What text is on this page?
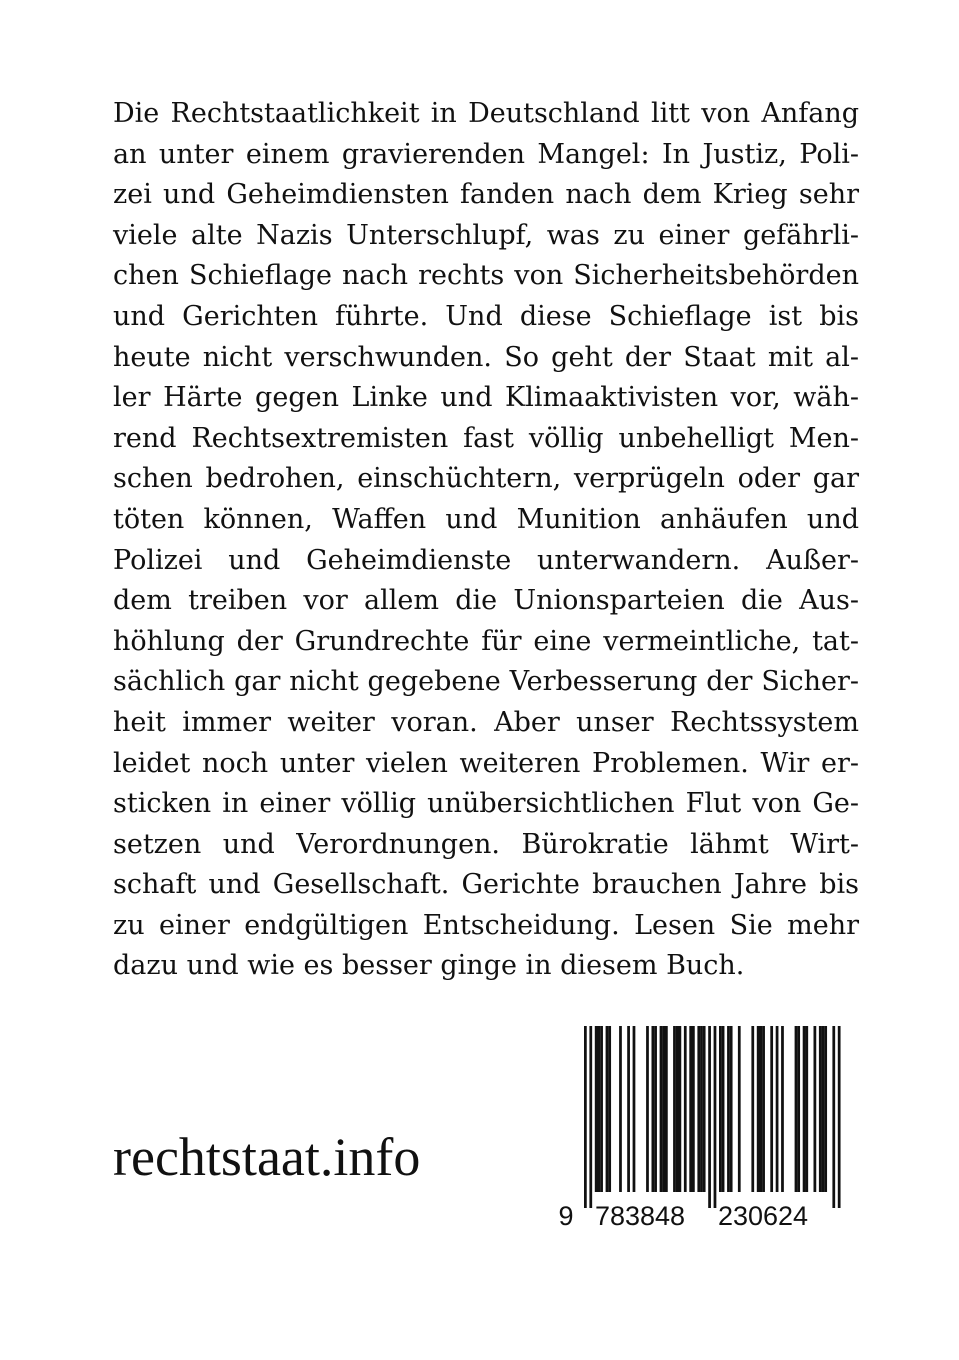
Die Rechtstaatlichkeit in Deutschland litt von Anfang
an unter einem gravierenden Mangel: In Justiz, Poli-
zei und Geheimdiensten fanden nach dem Krieg sehr
viele alte Nazis Unterschlupf, was zu einer gefährli-
chen Schieflage nach rechts von Sicherheitsbehörden
und Gerichten führte. Und diese Schieflage ist bis
heute nicht verschwunden. So geht der Staat mit al-
ler Härte gegen Linke und Klimaaktivisten vor, wäh-
rend Rechtsextremisten fast völlig unbehelligt Men-
schen bedrohen, einschüchtern, verprügeln oder gar
töten können, Waffen und Munition anhäufen und
Polizei und Geheimdienste unterwandern. Außer-
dem treiben vor allem die Unionsparteien die Aus-
höhlung der Grundrechte für eine vermeintliche, tat-
sächlich gar nicht gegebene Verbesserung der Sicher-
heit immer weiter voran. Aber unser Rechtssystem
leidet noch unter vielen weiteren Problemen. Wir er-
sticken in einer völlig unübersichtlichen Flut von Ge-
setzen und Verordnungen. Bürokratie lähmt Wirt-
schaft und Gesellschaft. Gerichte brauchen Jahre bis
zu einer endgültigen Entscheidung. Lesen Sie mehr
dazu und wie es besser ginge in diesem Buch.
rechtstaat.info
9 783848 230624
